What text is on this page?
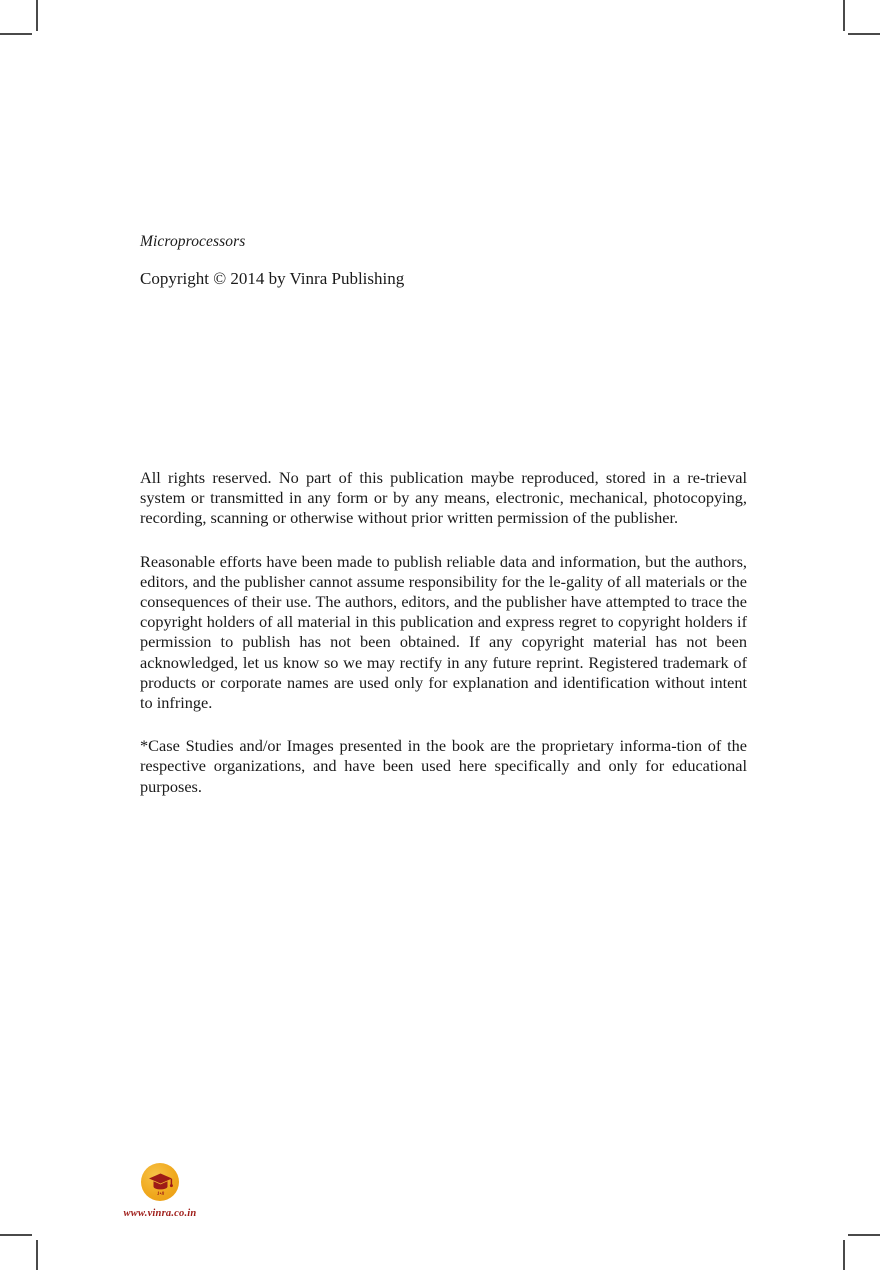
Microprocessors
Copyright © 2014 by Vinra Publishing

All rights reserved. No part of this publication maybe reproduced, stored in a re-trieval system or transmitted in any form or by any means, electronic, mechanical, photocopying, recording, scanning or otherwise without prior written permission of the publisher.

Reasonable efforts have been made to publish reliable data and information, but the authors, editors, and the publisher cannot assume responsibility for the le-gality of all materials or the consequences of their use. The authors, editors, and the publisher have attempted to trace the copyright holders of all material in this publication and express regret to copyright holders if permission to publish has not been obtained. If any copyright material has not been acknowledged, let us know so we may rectify in any future reprint. Registered trademark of products or corporate names are used only for explanation and identification without intent to infringe.

*Case Studies and/or Images presented in the book are the proprietary informa-tion of the respective organizations, and have been used here specifically and only for educational purposes.

1•8
www.vinra.co.in
